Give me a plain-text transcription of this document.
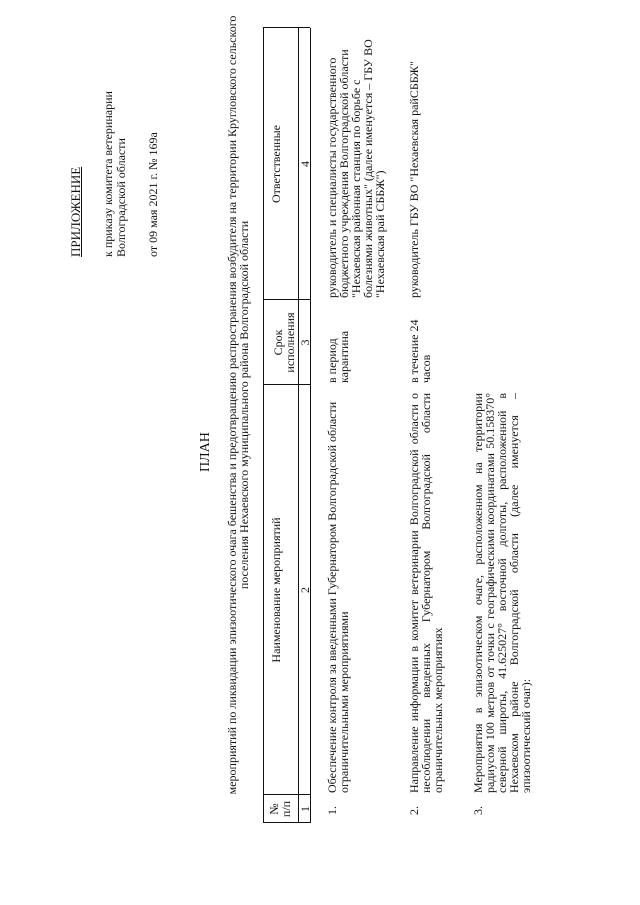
ПРИЛОЖЕНИЕ к приказу комитета ветеринарии Волгоградской области от 09 мая 2021 г. № 169а
ПЛАН мероприятий по ликвидации эпизоотического очага бешенства и предотвращению распространения возбудителя на территории Кругловского сельского поселения Нехаевского муниципального района Волгоградской области
№ п/п
Наименование мероприятий
Срок исполнения
Ответственные
1
2
3
4
1.
Обеспечение контроля за введенными Губернатором Волгоградской области ограничительными мероприятиями
в период карантина
руководитель и специалисты государственного бюджетного учреждения Волгоградской области "Нехаевская районная станция по борьбе с болезнями животных" (далее именуется – ГБУ ВО "Нехаевская рай СББЖ")
2.
Направление информации в комитет ветеринарии Волгоградской области о несоблюдении введенных Губернатором Волгоградской области ограничительных мероприятиях
в течение 24 часов
руководитель ГБУ ВО "Нехаевская райСББЖ"
3.
Мероприятия в эпизоотическом очаге, расположенном на территории радиусом 100 метров от точки с географическими координатами 50.158370° северной широты, 41.625027° восточной долготы, расположенной в Нехаевском районе Волгоградской области (далее именуется – эпизоотический очаг):
